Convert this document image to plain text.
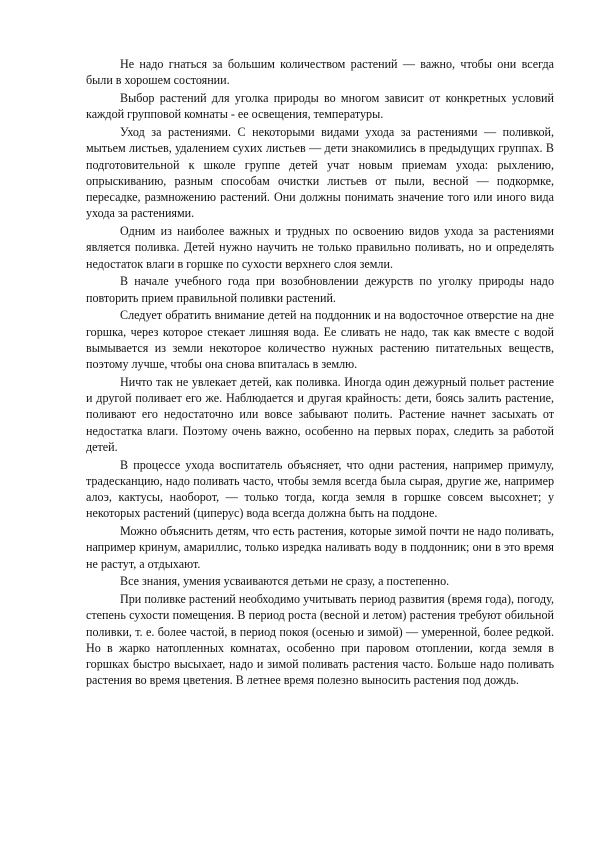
Не надо гнаться за большим количеством растений — важно, чтобы они всегда были в хорошем состоянии.

Выбор растений для уголка природы во многом зависит от конкретных условий каждой групповой комнаты - ее освещения, температуры.

Уход за растениями. С некоторыми видами ухода за растениями — поливкой, мытьем листьев, удалением сухих листьев — дети знакомились в предыдущих группах. В подготовительной к школе группе детей учат новым приемам ухода: рыхлению, опрыскиванию, разным способам очистки листьев от пыли, весной — подкормке, пересадке, размножению растений. Они должны понимать значение того или иного вида ухода за растениями.

Одним из наиболее важных и трудных по освоению видов ухода за растениями является поливка. Детей нужно научить не только правильно поливать, но и определять недостаток влаги в горшке по сухости верхнего слоя земли.

В начале учебного года при возобновлении дежурств по уголку природы надо повторить прием правильной поливки растений.

Следует обратить внимание детей на поддонник и на водосточное отверстие на дне горшка, через которое стекает лишняя вода. Ее сливать не надо, так как вместе с водой вымывается из земли некоторое количество нужных растению питательных веществ, поэтому лучше, чтобы она снова впиталась в землю.

Ничто так не увлекает детей, как поливка. Иногда один дежурный польет растение и другой поливает его же. Наблюдается и другая крайность: дети, боясь залить растение, поливают его недостаточно или вовсе забывают полить. Растение начнет засыхать от недостатка влаги. Поэтому очень важно, особенно на первых порах, следить за работой детей.

В процессе ухода воспитатель объясняет, что одни растения, например примулу, традесканцию, надо поливать часто, чтобы земля всегда была сырая, другие же, например алоэ, кактусы, наоборот, — только тогда, когда земля в горшке совсем высохнет; у некоторых растений (циперус) вода всегда должна быть на поддоне.

Можно объяснить детям, что есть растения, которые зимой почти не надо поливать, например кринум, амариллис, только изредка наливать воду в поддонник; они в это время не растут, а отдыхают.

Все знания, умения усваиваются детьми не сразу, а постепенно.

При поливке растений необходимо учитывать период развития (время года), погоду, степень сухости помещения. В период роста (весной и летом) растения требуют обильной поливки, т. е. более частой, в период покоя (осенью и зимой) — умеренной, более редкой. Но в жарко натопленных комнатах, особенно при паровом отоплении, когда земля в горшках быстро высыхает, надо и зимой поливать растения часто. Больше надо поливать растения во время цветения. В летнее время полезно выносить растения под дождь.
